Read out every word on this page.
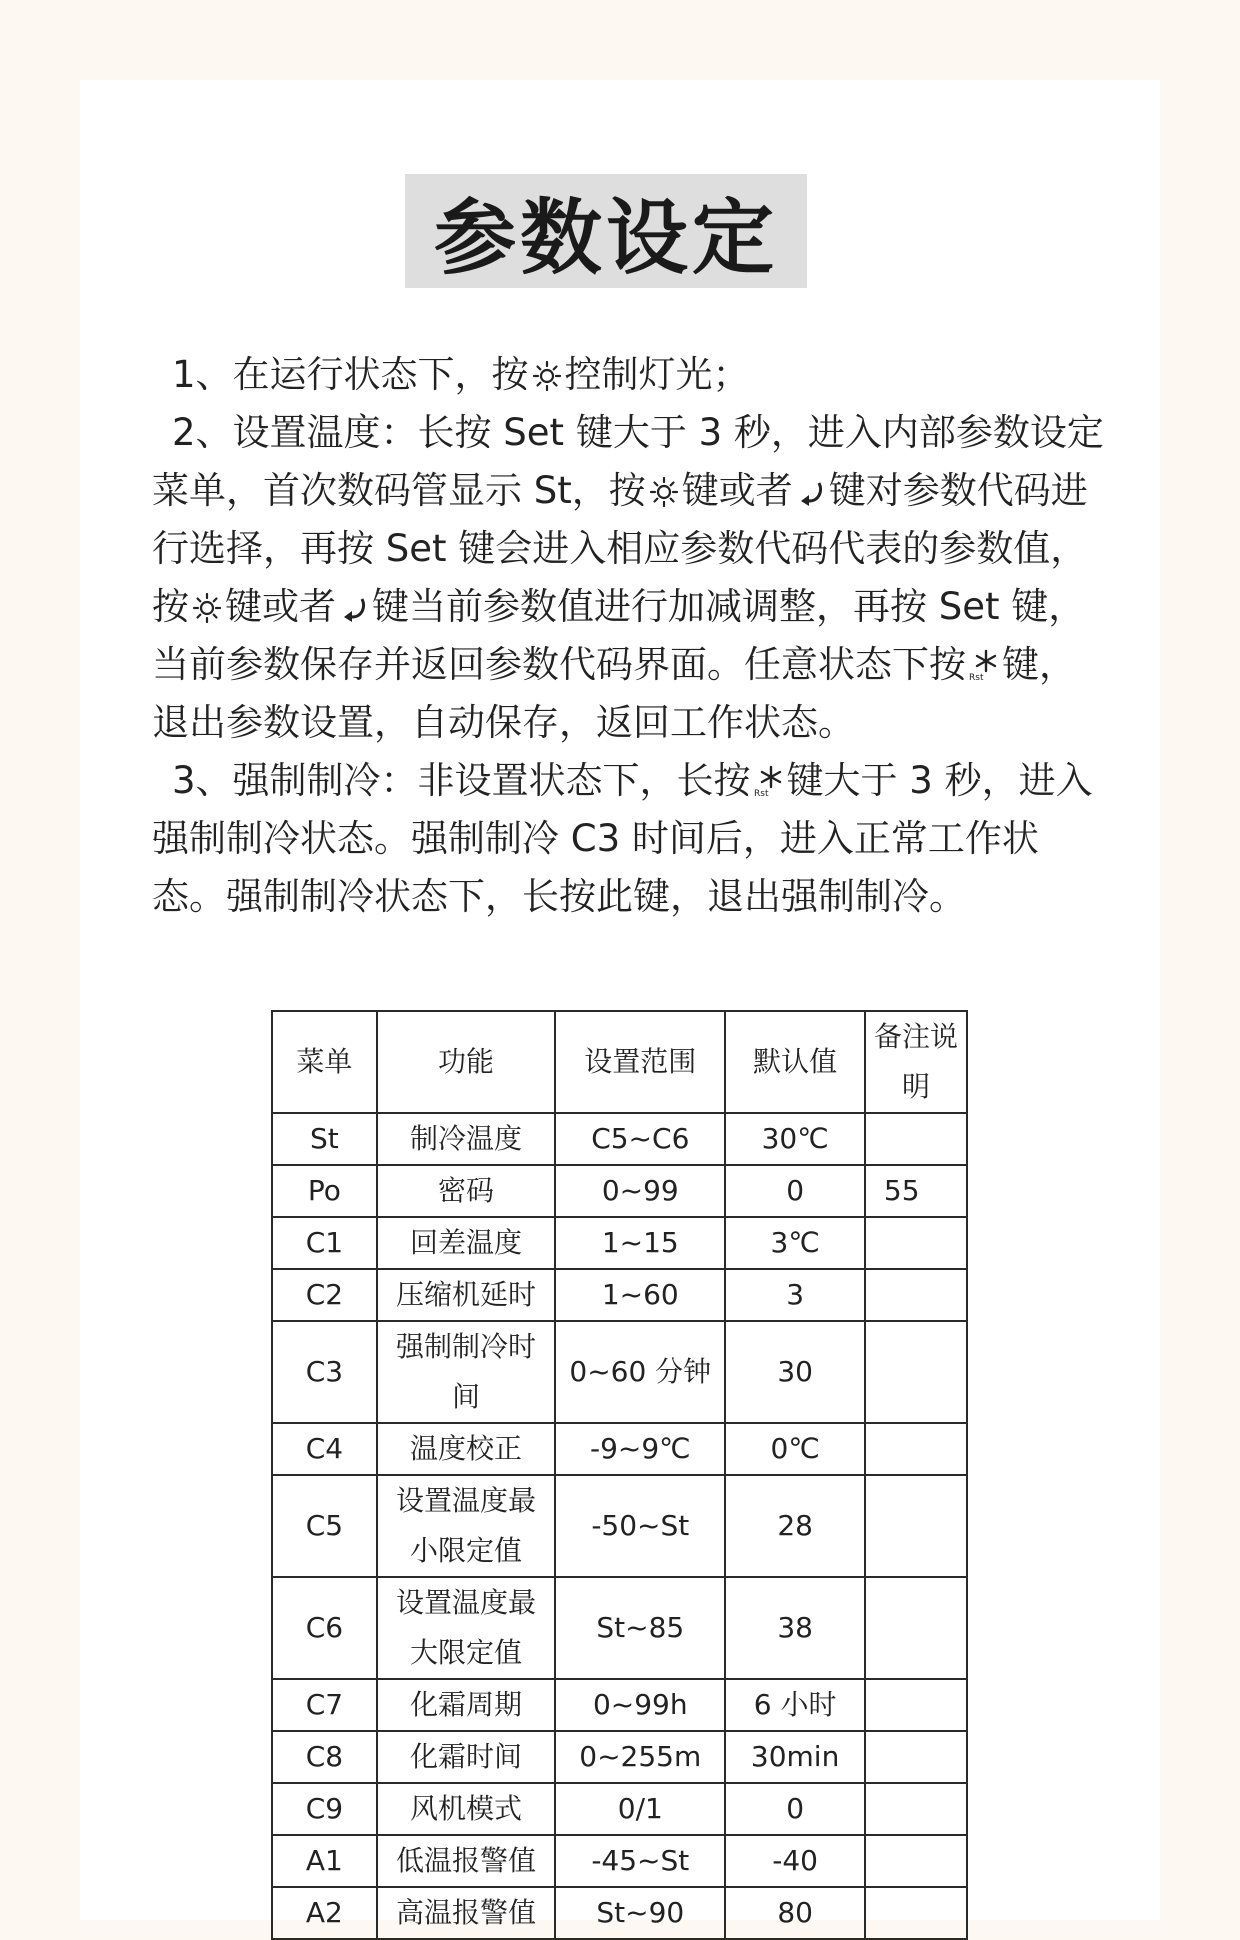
参数设定

1、在运行状态下，按 控制灯光；

2、设置温度：长按 Set 键大于 3 秒，进入内部参数设定菜单，首次数码管显示 St，按 键或者 键对参数代码进行选择，再按 Set 键会进入相应参数代码代表的参数值，按 键或者 键当前参数值进行加减调整，再按 Set 键，当前参数保存并返回参数代码界面。任意状态下按 Rst 键，退出参数设置，自动保存，返回工作状态。

3、强制制冷：非设置状态下，长按 Rst 键大于 3 秒，进入强制制冷状态。强制制冷 C3 时间后，进入正常工作状态。强制制冷状态下，长按此键，退出强制制冷。

菜单	功能	设置范围	默认值	备注说明
St	制冷温度	C5~C6	30℃	
Po	密码	0~99	0	55
C1	回差温度	1~15	3℃	
C2	压缩机延时	1~60	3	
C3	强制制冷时间	0~60 分钟	30	
C4	温度校正	-9~9℃	0℃	
C5	设置温度最小限定值	-50~St	28	
C6	设置温度最大限定值	St~85	38	
C7	化霜周期	0~99h	6 小时	
C8	化霜时间	0~255m	30min	
C9	风机模式	0/1	0	
A1	低温报警值	-45~St	-40	
A2	高温报警值	St~90	80	
